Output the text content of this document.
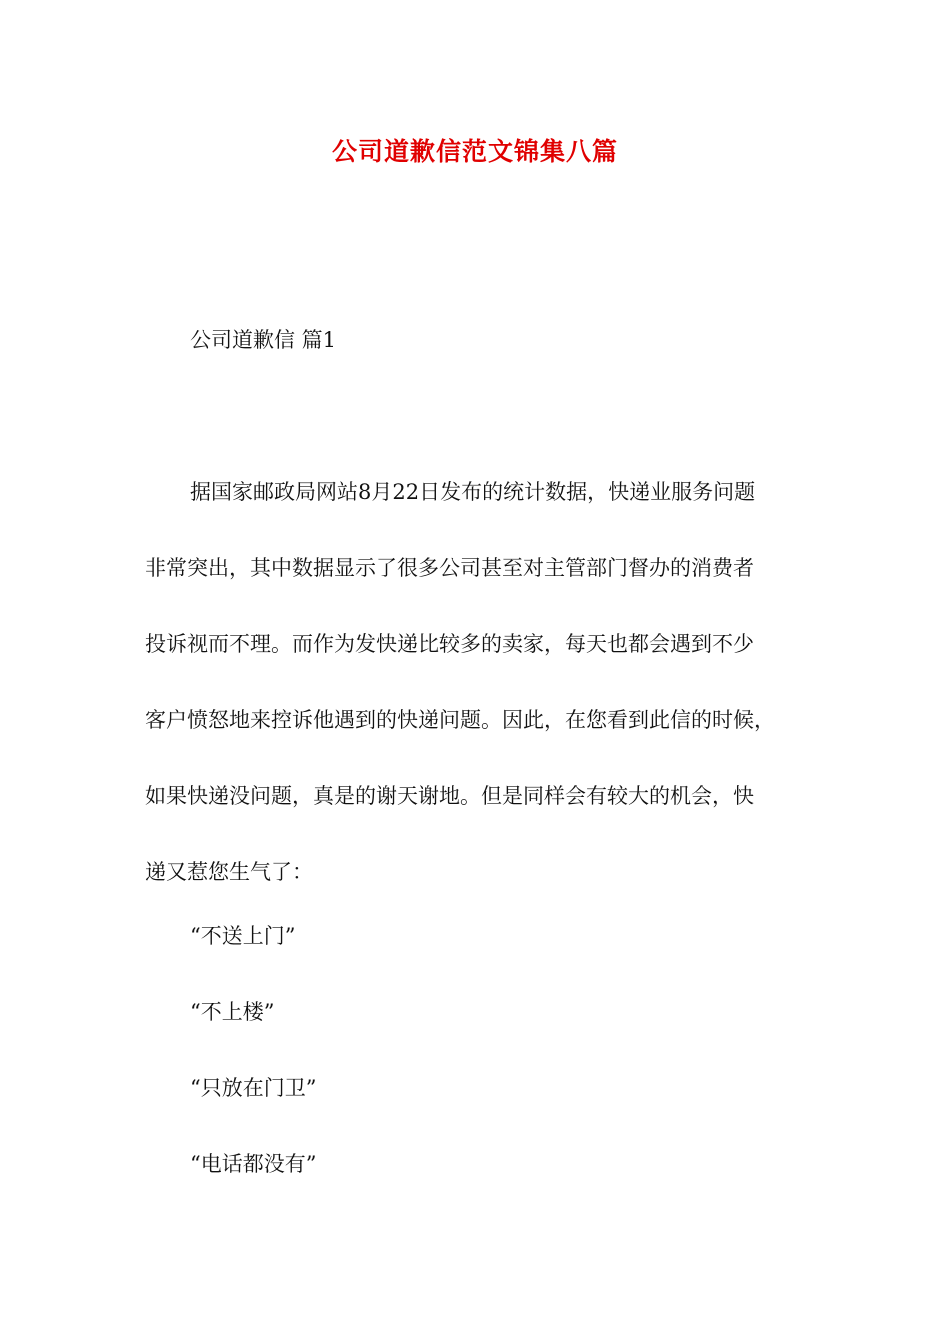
公司道歉信范文锦集八篇
公司道歉信 篇1
据国家邮政局网站8月22日发布的统计数据，快递业服务问题
非常突出，其中数据显示了很多公司甚至对主管部门督办的消费者
投诉视而不理。而作为发快递比较多的卖家，每天也都会遇到不少
客户愤怒地来控诉他遇到的快递问题。因此，在您看到此信的时候，
如果快递没问题，真是的谢天谢地。但是同样会有较大的机会，快
递又惹您生气了：
“不送上门”
“不上楼”
“只放在门卫”
“电话都没有”
